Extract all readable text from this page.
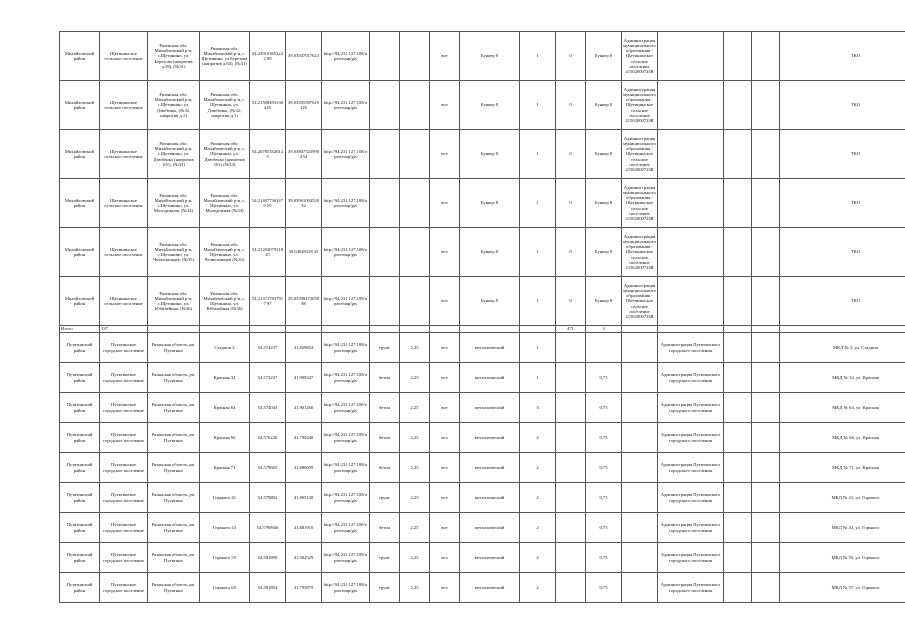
Михайловский район	Щетининское сельское поселение	Рязанская обл. Михайловский р-н, с.Щетинино, ул. Березова (напротив д.59), (№31)	Рязанская обл. Михайловский р-н, с. Щетинино, ул Березова (напротив д.64), (№31)	54,239103653222 89	39,03947017623	http://94.231.127.108/open-map/gis			все	Бункер 8	1	0	Бункер 8	Администрация муниципального образования - Щетининское сельское поселение 2150200072ЗЯ				ТКО
Михайловский район	Щетининское сельское поселение	Рязанская обл. Михайловский р-н, с.Щетинино, ул. Дзюбенко, (№32, напротив д.1)	Рязанская обл. Михайловский р-н, с. Щетинино, ул. Дзюбенко, (№32, напротив д.1)	54,21508493136445	39,03505587619 125	http://94.231.127.108/open-map/gis			все	Бункер 8	1	0	Бункер 8	Администрация муниципального образования - Щетининское сельское поселение 2150200072ЗЯ				ТКО
Михайловский район	Щетининское сельское поселение	Рязанская обл. Михайловский р-н, с.Щетинино, ул. Дзюбенко (напротив 101), (№33)	Рязанская обл. Михайловский р-н, с. Щетинино, ул. Дзюбенко (напротив 101) (№33)	54,20785332012 5	39,03807523990 234	http://94.231.127.108/open-map/gis			все	Бункер 8	1	0	Бункер 8	Администрация муниципального образования - Щетининское сельское поселение 2150200072ЗЯ				ТКО
Михайловский район	Щетининское сельское поселение	Рязанская обл. Михайловский р-н, с.Щетинино, ул. Молодежная, (№34)	Рязанская обл. Михайловский р-н, с. Щетинино, ул. Молодежная (№34)	54,214077363470 59	39,03961004520 52	http://94.231.127.108/open-map/gis			все	Бункер 8	1	0	Бункер 8	Администрация муниципального образования - Щетининское сельское поселение 2150200072ЗЯ				ТКО
Михайловский район	Щетининское сельское поселение	Рязанская обл. Михайловский р-н, с.Щетинино, ул. Челюскинцев, (№35)	Рязанская обл. Михайловский р-н, с. Щетинино, ул. Челюскинцев (№35)	54,21203079318 25	39,04049318 35	http://94.231.127.108/open-map/gis			все	Бункер 8	1	0	Бункер 8	Администрация муниципального образования - Щетининское сельское поселение 2150200072ЗЯ				ТКО
Михайловский район	Щетининское сельское поселение	Рязанская обл. Михайловский р-н, с.Щетинино, ул. Юбилейная, (№36)	Рязанская обл. Михайловский р-н, с. Щетинино, ул. Юбилейная (№36)	54,213717837917 97	39,03598473039 88	http://94.231.127.108/open-map/gis			все	Бункер 8	1	0	Бункер 8	Администрация муниципального образования - Щетининское сельское поселение 2150200072ЗЯ				ТКО
Итого	137											471	3					
Путятинский район	Путятинское городское поселение	Рязанская область, рп. Путятино	Стадион 2	54,574237	41,829834	http://94.231.127.108/open-map/gis	грунт	2,25	все	металлический	1				Администрация Путятинского городского поселения			МКД № 2, ул. Стадион
Путятинский район	Путятинское городское поселение	Рязанская область, рп. Путятино	Красная 34	54,572237	41,909347	http://94.231.127.108/open-map/gis	бетон	2,25	все	металлический	1		0,75		Администрация Путятинского городского поселения			МКД № 34, ул. Красная
Путятинский район	Путятинское городское поселение	Рязанская область, рп. Путятино	Красная 64	54,574043	41,901260	http://94.231.127.108/open-map/gis	бетон	2,25	все	металлический	3		0,75		Администрация Путятинского городского поселения			МКД № 64, ул. Красная
Путятинский район	Путятинское городское поселение	Рязанская область, рп. Путятино	Красная 66	54,576226	41,799448	http://94.231.127.108/open-map/gis	бетон	2,25	все	металлический	2		0,75		Администрация Путятинского городского поселения			МКД № 66, ул. Красная
Путятинский район	Путятинское городское поселение	Рязанская область, рп. Путятино	Красная 71	54,578665	41,886609	http://94.231.127.108/open-map/gis	бетон	2,25	все	металлический	2		0,75		Администрация Путятинского городского поселения			МКД № 71, ул. Красная
Путятинский район	Путятинское городское поселение	Рязанская область, рп. Путятино	Горького 41	54,579802	41,895138	http://94.231.127.108/open-map/gis	грунт	2,25	все	металлический	2		0,75		Администрация Путятинского городского поселения			МКД № 41, ул. Горького
Путятинский район	Путятинское городское поселение	Рязанская область, рп. Путятино	Горького 43	54,5798946	41,881910	http://94.231.127.108/open-map/gis	бетон	2,25	все	металлический	2		0,75		Администрация Путятинского городского поселения			МКД № 43, ул. Горького
Путятинский район	Путятинское городское поселение	Рязанская область, рп. Путятино	Горького 55	54,581899	41,902529	http://94.231.127.108/open-map/gis	грунт	2,25	все	металлический	2		0,75		Администрация Путятинского городского поселения			МКД № 55, ул. Горького
Путятинский район	Путятинское городское поселение	Рязанская область, рп. Путятино	Горького 65	54,581894	41,795879	http://94.231.127.108/open-map/gis	грунт	2,25	все	металлический	2		0,75		Администрация Путятинского городского поселения			МКД № 57, ул. Горького
